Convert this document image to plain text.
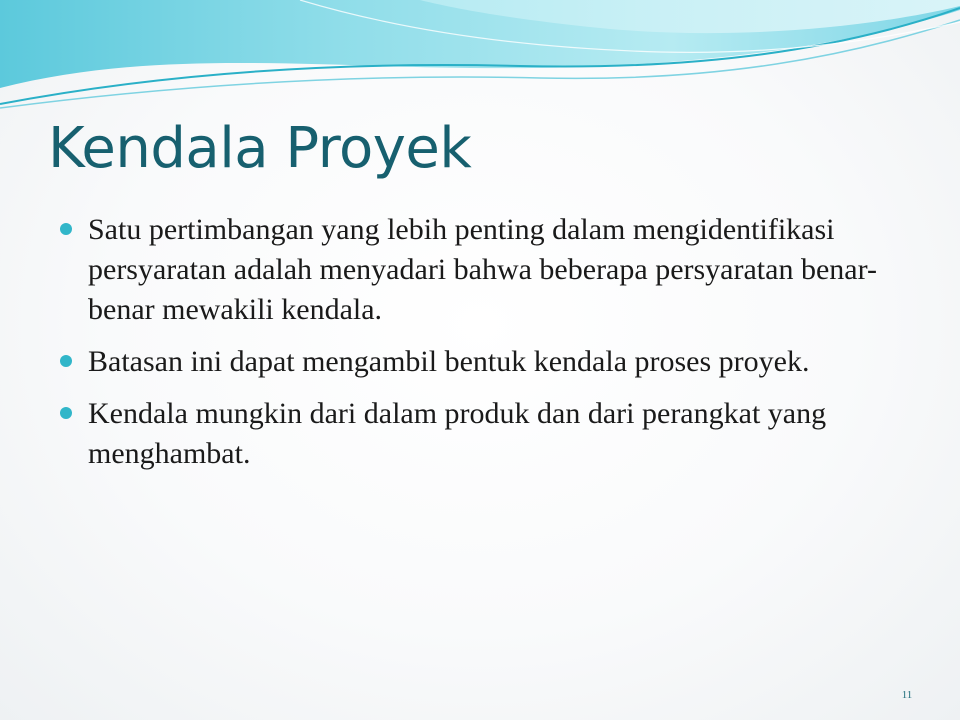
Kendala Proyek
Satu pertimbangan yang lebih penting dalam mengidentifikasi persyaratan adalah menyadari bahwa beberapa persyaratan benar-benar mewakili kendala.
Batasan ini dapat mengambil bentuk kendala proses proyek.
Kendala mungkin dari dalam produk dan dari perangkat yang menghambat.
11
